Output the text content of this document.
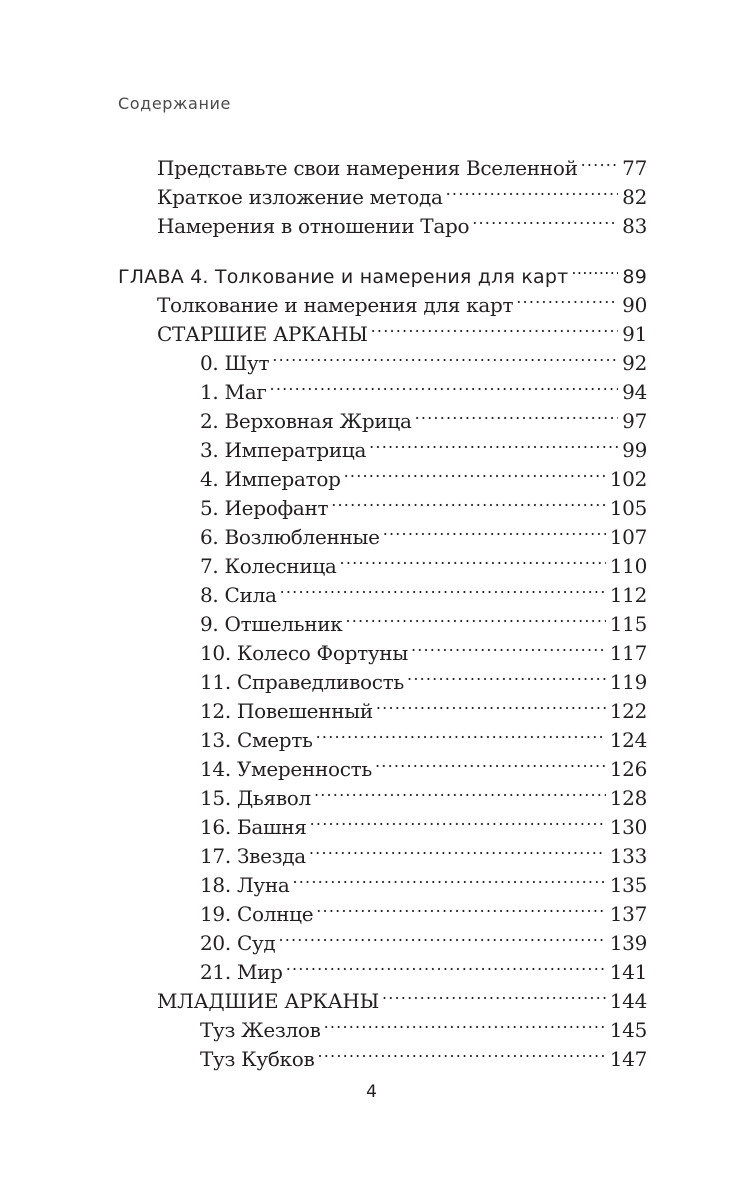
Содержание
Представьте свои намерения Вселенной ..... 77
Краткое изложение метода .....	82
Намерения в отношении Таро .....	83
ГЛАВА 4. Толкование и намерения для карт .....	89
Толкование и намерения для карт .....	90
СТАРШИЕ АРКАНЫ .....	91
0. Шут .....	92
1. Маг .....	94
2. Верховная Жрица .....	97
3. Императрица .....	99
4. Император .....	102
5. Иерофант .....	105
6. Возлюбленные .....	107
7. Колесница .....	110
8. Сила .....	112
9. Отшельник .....	115
10. Колесо Фортуны .....	117
11. Справедливость .....	119
12. Повешенный .....	122
13. Смерть .....	124
14. Умеренность .....	126
15. Дьявол .....	128
16. Башня .....	130
17. Звезда .....	133
18. Луна .....	135
19. Солнце .....	137
20. Суд .....	139
21. Мир .....	141
МЛАДШИЕ АРКАНЫ .....	144
Туз Жезлов .....	145
Туз Кубков .....	147
4
